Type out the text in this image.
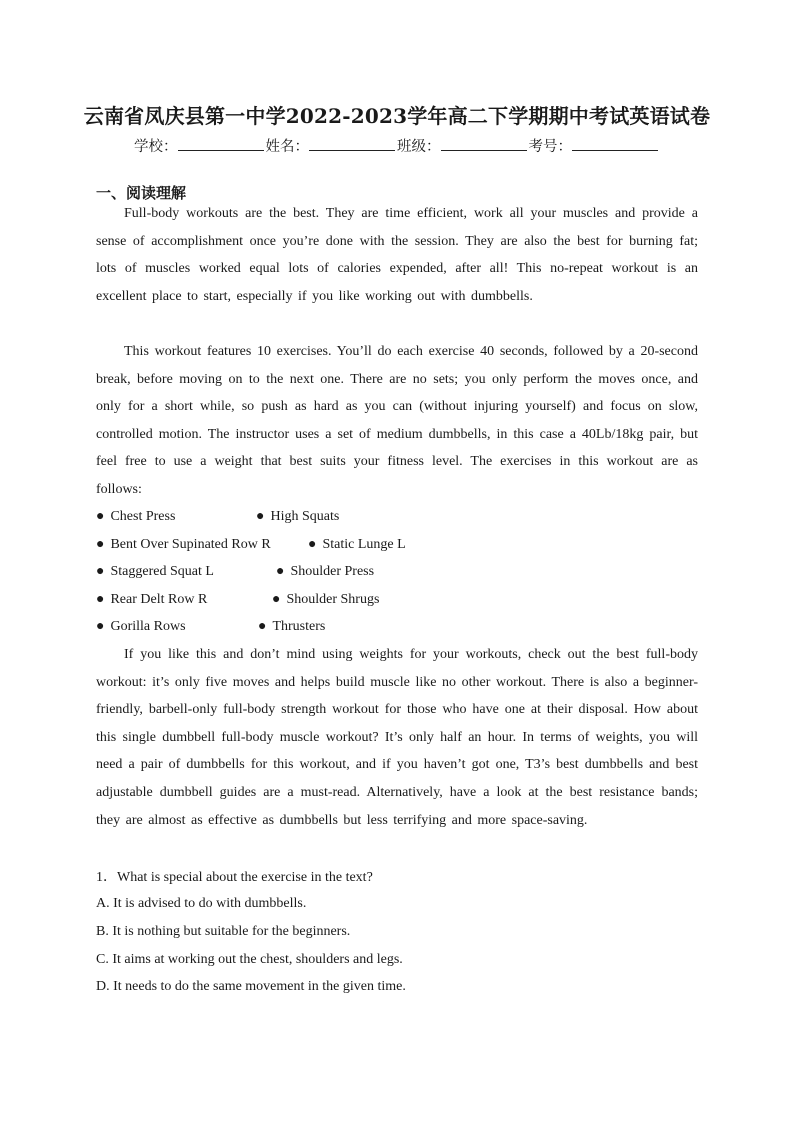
云南省凤庆县第一中学2022-2023学年高二下学期期中考试英语试卷
学校：	姓名：	班级：	考号：
一、阅读理解
Full-body workouts are the best. They are time efficient, work all your muscles and provide a sense of accomplishment once you’re done with the session. They are also the best for burning fat; lots of muscles worked equal lots of calories expended, after all! This no-repeat workout is an excellent place to start, especially if you like working out with dumbbells.
This workout features 10 exercises. You’ll do each exercise 40 seconds, followed by a 20-second break, before moving on to the next one. There are no sets; you only perform the moves once, and only for a short while, so push as hard as you can (without injuring yourself) and focus on slow, controlled motion. The instructor uses a set of medium dumbbells, in this case a 40Lb/18kg pair, but feel free to use a weight that best suits your fitness level. The exercises in this workout are as follows:
● Chest Press	● High Squats
● Bent Over Supinated Row R	● Static Lunge L
● Staggered Squat L	● Shoulder Press
● Rear Delt Row R	● Shoulder Shrugs
● Gorilla Rows	● Thrusters
If you like this and don’t mind using weights for your workouts, check out the best full-body workout: it’s only five moves and helps build muscle like no other workout. There is also a beginner-friendly, barbell-only full-body strength workout for those who have one at their disposal. How about this single dumbbell full-body muscle workout? It’s only half an hour. In terms of weights, you will need a pair of dumbbells for this workout, and if you haven’t got one, T3’s best dumbbells and best adjustable dumbbell guides are a must-read. Alternatively, have a look at the best resistance bands; they are almost as effective as dumbbells but less terrifying and more space-saving.
1．What is special about the exercise in the text?
A. It is advised to do with dumbbells.
B. It is nothing but suitable for the beginners.
C. It aims at working out the chest, shoulders and legs.
D. It needs to do the same movement in the given time.
